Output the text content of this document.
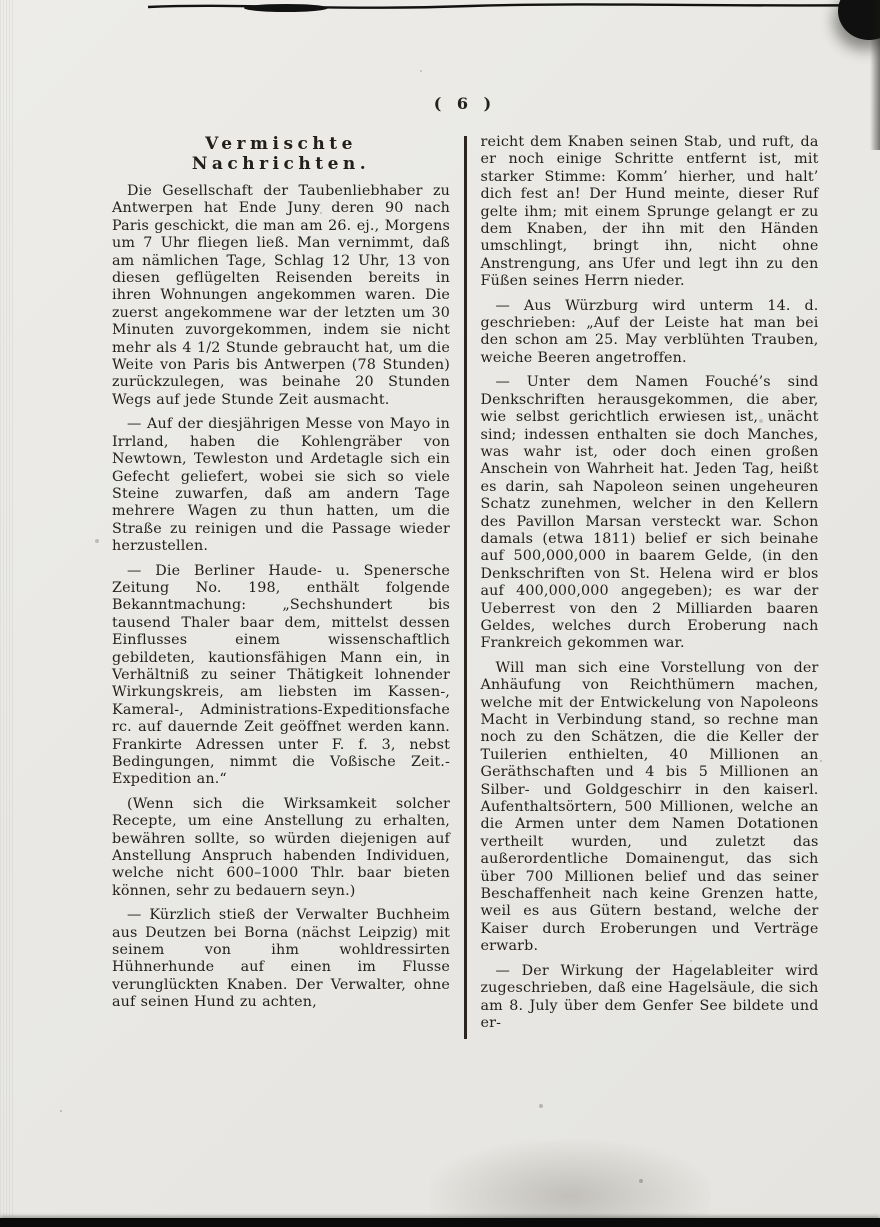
( 6 )
Vermischte Nachrichten.

Die Gesellschaft der Taubenliebhaber zu Antwerpen hat Ende Juny deren 90 nach Paris geschickt, die man am 26. ej., Morgens um 7 Uhr fliegen ließ. Man vernimmt, daß am nämlichen Tage, Schlag 12 Uhr, 13 von diesen geflügelten Reisenden bereits in ihren Wohnungen angekommen waren. Die zuerst angekommene war der letzten um 30 Minuten zuvorgekommen, indem sie nicht mehr als 4 1/2 Stunde gebraucht hat, um die Weite von Paris bis Antwerpen (78 Stunden) zurückzulegen, was beinahe 20 Stunden Wegs auf jede Stunde Zeit ausmacht.

— Auf der diesjährigen Messe von Mayo in Irrland, haben die Kohlengräber von Newtown, Tewleston und Ardetagle sich ein Gefecht geliefert, wobei sie sich so viele Steine zuwarfen, daß am andern Tage mehrere Wagen zu thun hatten, um die Straße zu reinigen und die Passage wieder herzustellen.

— Die Berliner Haude- u. Spenersche Zeitung No. 198, enthält folgende Bekanntmachung: „Sechshundert bis tausend Thaler baar dem, mittelst dessen Einflusses einem wissenschaftlich gebildeten, kautionsfähigen Mann ein, in Verhältniß zu seiner Thätigkeit lohnender Wirkungskreis, am liebsten im Kassen-, Kameral-, Administrations-Expeditionsfache rc. auf dauernde Zeit geöffnet werden kann. Frankirte Adressen unter F. f. 3, nebst Bedingungen, nimmt die Voßische Zeit.-Expedition an.“

(Wenn sich die Wirksamkeit solcher Recepte, um eine Anstellung zu erhalten, bewähren sollte, so würden diejenigen auf Anstellung Anspruch habenden Individuen, welche nicht 600–1000 Thlr. baar bieten können, sehr zu bedauern seyn.)

— Kürzlich stieß der Verwalter Buchheim aus Deutzen bei Borna (nächst Leipzig) mit seinem von ihm wohldressirten Hühnerhunde auf einen im Flusse verunglückten Knaben. Der Verwalter, ohne auf seinen Hund zu achten,

reicht dem Knaben seinen Stab, und ruft, da er noch einige Schritte entfernt ist, mit starker Stimme: Komm’ hierher, und halt’ dich fest an! Der Hund meinte, dieser Ruf gelte ihm; mit einem Sprunge gelangt er zu dem Knaben, der ihn mit den Händen umschlingt, bringt ihn, nicht ohne Anstrengung, ans Ufer und legt ihn zu den Füßen seines Herrn nieder.

— Aus Würzburg wird unterm 14. d. geschrieben: „Auf der Leiste hat man bei den schon am 25. May verblühten Trauben, weiche Beeren angetroffen.

— Unter dem Namen Fouché’s sind Denkschriften herausgekommen, die aber, wie selbst gerichtlich erwiesen ist, unächt sind; indessen enthalten sie doch Manches, was wahr ist, oder doch einen großen Anschein von Wahrheit hat. Jeden Tag, heißt es darin, sah Napoleon seinen ungeheuren Schatz zunehmen, welcher in den Kellern des Pavillon Marsan versteckt war. Schon damals (etwa 1811) belief er sich beinahe auf 500,000,000 in baarem Gelde, (in den Denkschriften von St. Helena wird er blos auf 400,000,000 angegeben); es war der Ueberrest von den 2 Milliarden baaren Geldes, welches durch Eroberung nach Frankreich gekommen war.

Will man sich eine Vorstellung von der Anhäufung von Reichthümern machen, welche mit der Entwickelung von Napoleons Macht in Verbindung stand, so rechne man noch zu den Schätzen, die die Keller der Tuilerien enthielten, 40 Millionen an Geräthschaften und 4 bis 5 Millionen an Silber- und Goldgeschirr in den kaiserl. Aufenthaltsörtern, 500 Millionen, welche an die Armen unter dem Namen Dotationen vertheilt wurden, und zuletzt das außerordentliche Domainengut, das sich über 700 Millionen belief und das seiner Beschaffenheit nach keine Grenzen hatte, weil es aus Gütern bestand, welche der Kaiser durch Eroberungen und Verträge erwarb.

— Der Wirkung der Hagelableiter wird zugeschrieben, daß eine Hagelsäule, die sich am 8. July über dem Genfer See bildete und er-
